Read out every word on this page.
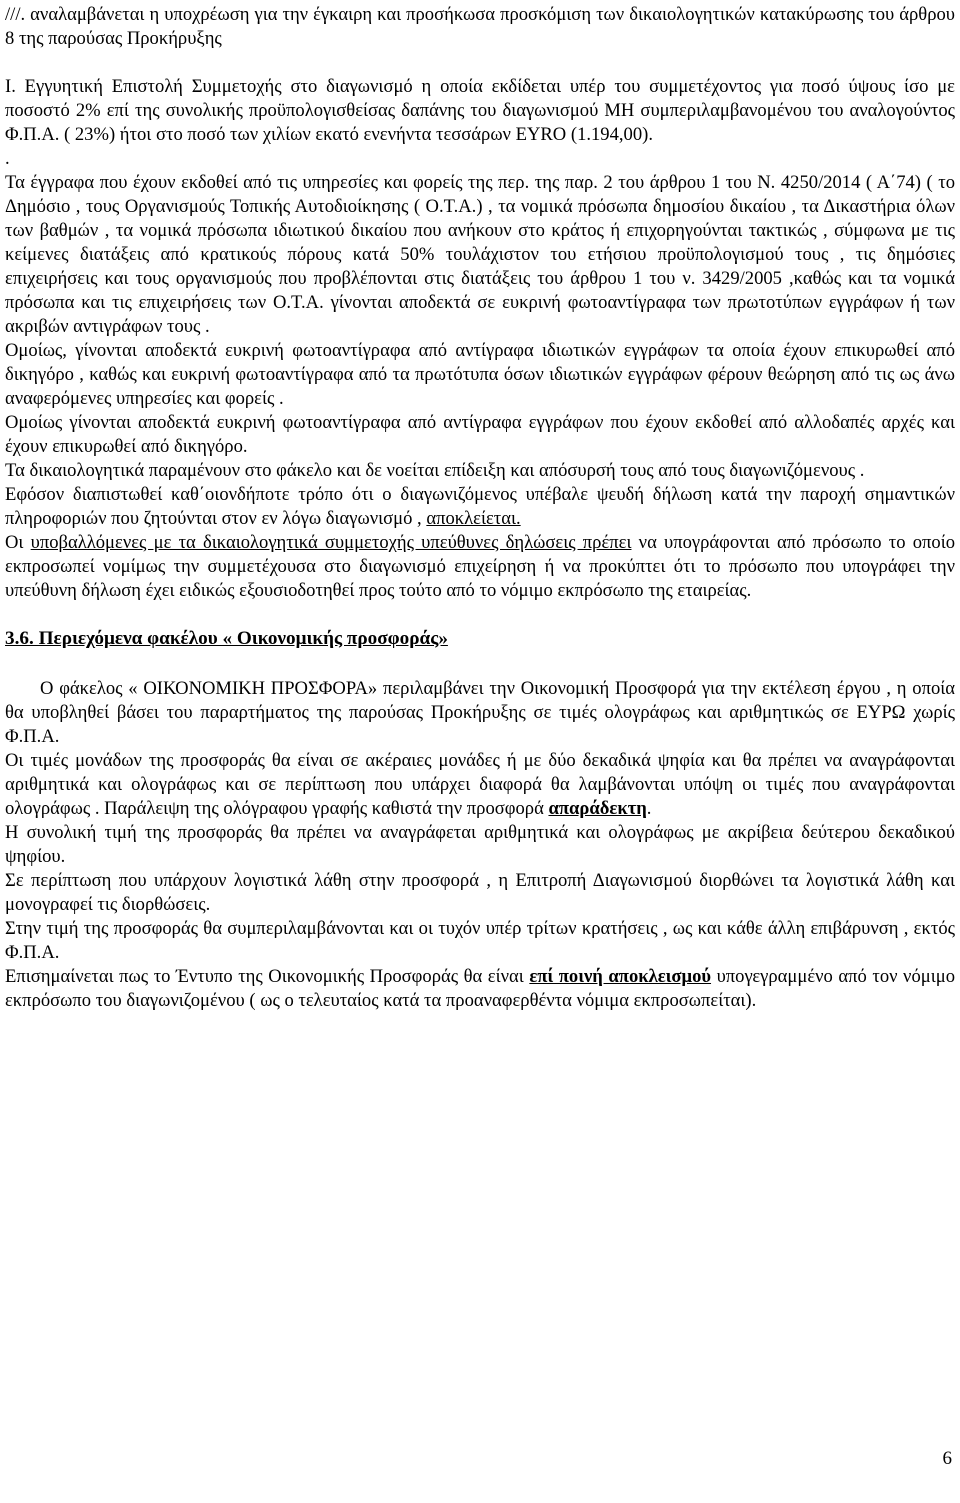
///. αναλαμβάνεται η υποχρέωση για την έγκαιρη και προσήκωσα προσκόμιση των δικαιολογητικών κατακύρωσης του άρθρου 8 της παρούσας Προκήρυξης

Ι. Εγγυητική Επιστολή Συμμετοχής στο διαγωνισμό η οποία εκδίδεται υπέρ του συμμετέχοντος για ποσό ύψους ίσο με ποσοστό 2% επί της συνολικής προϋπολογισθείσας δαπάνης του διαγωνισμού ΜΗ συμπεριλαμβανομένου του αναλογούντος Φ.Π.Α. ( 23%) ήτοι στο ποσό των χιλίων εκατό ενενήντα τεσσάρων ΕΥRO (1.194,00).

.

Τα έγγραφα που έχουν εκδοθεί από τις υπηρεσίες και φορείς της περ. της παρ. 2 του άρθρου 1 του Ν. 4250/2014 ( Α΄74) ( το Δημόσιο , τους Οργανισμούς Τοπικής Αυτοδιοίκησης ( Ο.Τ.Α.) , τα νομικά πρόσωπα δημοσίου δικαίου , τα Δικαστήρια όλων των βαθμών , τα νομικά πρόσωπα ιδιωτικού δικαίου που ανήκουν στο κράτος ή επιχορηγούνται τακτικώς , σύμφωνα με τις κείμενες διατάξεις από κρατικούς πόρους κατά 50% τουλάχιστον του ετήσιου προϋπολογισμού τους , τις δημόσιες επιχειρήσεις και τους οργανισμούς που προβλέπονται στις διατάξεις του άρθρου 1 του ν. 3429/2005 ,καθώς και τα νομικά πρόσωπα και τις επιχειρήσεις των Ο.Τ.Α. γίνονται αποδεκτά σε ευκρινή φωτοαντίγραφα των πρωτοτύπων εγγράφων ή των ακριβών αντιγράφων τους .

Ομοίως, γίνονται αποδεκτά ευκρινή φωτοαντίγραφα από αντίγραφα ιδιωτικών εγγράφων τα οποία έχουν επικυρωθεί από δικηγόρο , καθώς και ευκρινή φωτοαντίγραφα από τα πρωτότυπα όσων ιδιωτικών εγγράφων φέρουν θεώρηση από τις ως άνω αναφερόμενες υπηρεσίες και φορείς .

Ομοίως γίνονται αποδεκτά ευκρινή φωτοαντίγραφα από αντίγραφα εγγράφων που έχουν εκδοθεί από αλλοδαπές αρχές και έχουν επικυρωθεί από δικηγόρο.

Τα δικαιολογητικά παραμένουν στο φάκελο και δε νοείται επίδειξη και απόσυρσή τους από τους διαγωνιζόμενους .

Εφόσον διαπιστωθεί καθ΄οιονδήποτε τρόπο ότι ο διαγωνιζόμενος υπέβαλε ψευδή δήλωση κατά την παροχή σημαντικών πληροφοριών που ζητούνται στον εν λόγω διαγωνισμό , αποκλείεται.

Οι υποβαλλόμενες με τα δικαιολογητικά συμμετοχής υπεύθυνες δηλώσεις πρέπει να υπογράφονται από πρόσωπο το οποίο εκπροσωπεί νομίμως την συμμετέχουσα στο διαγωνισμό επιχείρηση ή να προκύπτει ότι το πρόσωπο που υπογράφει την υπεύθυνη δήλωση έχει ειδικώς εξουσιοδοτηθεί προς τούτο από το νόμιμο εκπρόσωπο της εταιρείας.

3.6. Περιεχόμενα φακέλου « Οικονομικής προσφοράς»

Ο φάκελος « ΟΙΚΟΝΟΜΙΚΗ ΠΡΟΣΦΟΡΑ» περιλαμβάνει την Οικονομική Προσφορά για την εκτέλεση έργου , η οποία θα υποβληθεί βάσει του παραρτήματος της παρούσας Προκήρυξης σε τιμές ολογράφως και αριθμητικώς σε ΕΥΡΩ χωρίς Φ.Π.Α.

Οι τιμές μονάδων της προσφοράς θα είναι σε ακέραιες μονάδες ή με δύο δεκαδικά ψηφία και θα πρέπει να αναγράφονται αριθμητικά και ολογράφως και σε περίπτωση που υπάρχει διαφορά θα λαμβάνονται υπόψη οι τιμές που αναγράφονται ολογράφως . Παράλειψη της ολόγραφου γραφής καθιστά την προσφορά απαράδεκτη.

Η συνολική τιμή της προσφοράς θα πρέπει να αναγράφεται αριθμητικά και ολογράφως με ακρίβεια δεύτερου δεκαδικού ψηφίου.

Σε περίπτωση που υπάρχουν λογιστικά λάθη στην προσφορά , η Επιτροπή Διαγωνισμού διορθώνει τα λογιστικά λάθη και μονογραφεί τις διορθώσεις.

Στην τιμή της προσφοράς θα συμπεριλαμβάνονται και οι τυχόν υπέρ τρίτων κρατήσεις , ως και κάθε άλλη επιβάρυνση , εκτός Φ.Π.Α.

Επισημαίνεται πως το Έντυπο της Οικονομικής Προσφοράς θα είναι επί ποινή αποκλεισμού υπογεγραμμένο από τον νόμιμο εκπρόσωπο του διαγωνιζομένου ( ως ο τελευταίος κατά τα προαναφερθέντα νόμιμα εκπροσωπείται).

6
